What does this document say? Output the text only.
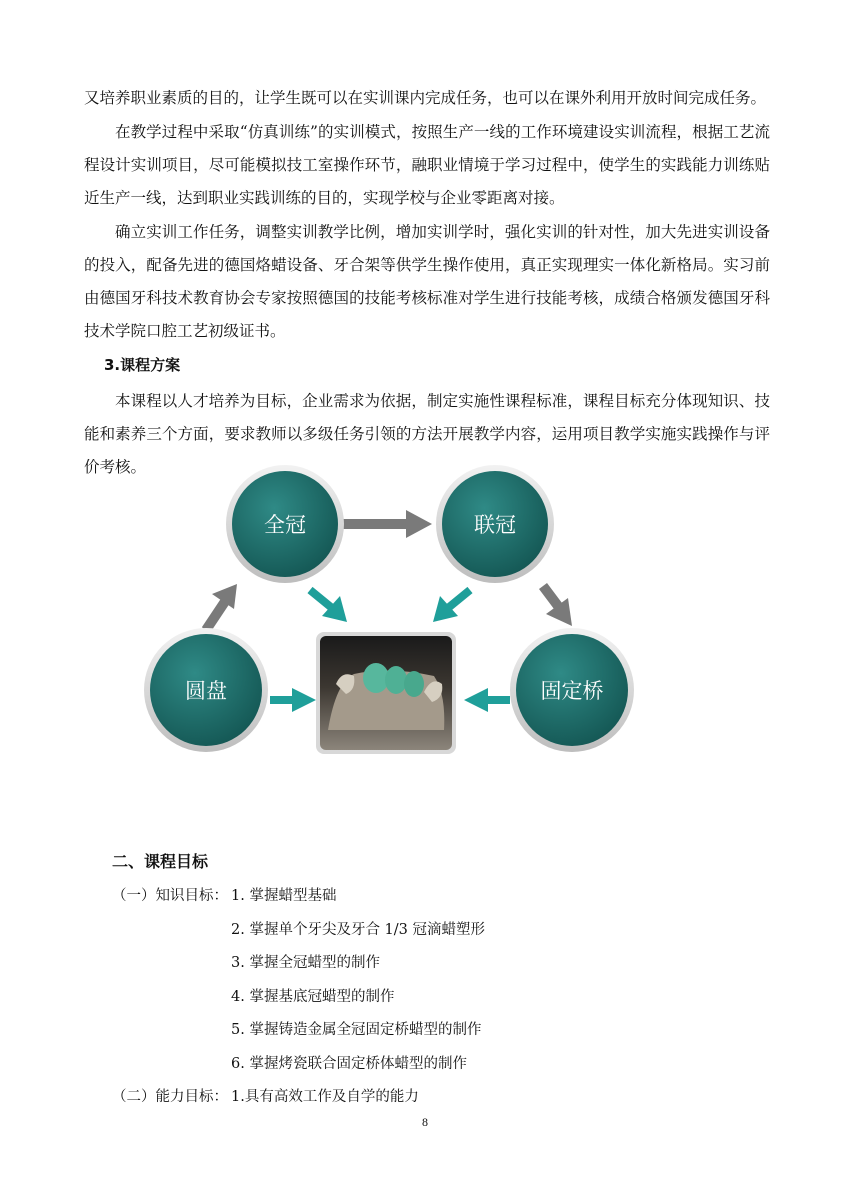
又培养职业素质的目的，让学生既可以在实训课内完成任务，也可以在课外利用开放时间完成任务。

在教学过程中采取“仿真训练”的实训模式，按照生产一线的工作环境建设实训流程，根据工艺流程设计实训项目，尽可能模拟技工室操作环节，融职业情境于学习过程中，使学生的实践能力训练贴近生产一线，达到职业实践训练的目的，实现学校与企业零距离对接。

确立实训工作任务，调整实训教学比例，增加实训学时，强化实训的针对性，加大先进实训设备的投入，配备先进的德国烙蜡设备、牙合架等供学生操作使用，真正实现理实一体化新格局。实习前由德国牙科技术教育协会专家按照德国的技能考核标准对学生进行技能考核，成绩合格颁发德国牙科技术学院口腔工艺初级证书。

3.课程方案

本课程以人才培养为目标，企业需求为依据，制定实施性课程标准，课程目标充分体现知识、技能和素养三个方面，要求教师以多级任务引领的方法开展教学内容，运用项目教学实施实践操作与评价考核。

全冠	联冠
圆盘	固定桥
二、课程目标
（一）知识目标： 1. 掌握蜡型基础
2. 掌握单个牙尖及牙合 1/3 冠滴蜡塑形
3. 掌握全冠蜡型的制作
4. 掌握基底冠蜡型的制作
5. 掌握铸造金属全冠固定桥蜡型的制作
6. 掌握烤瓷联合固定桥体蜡型的制作
（二）能力目标： 1.具有高效工作及自学的能力
8
